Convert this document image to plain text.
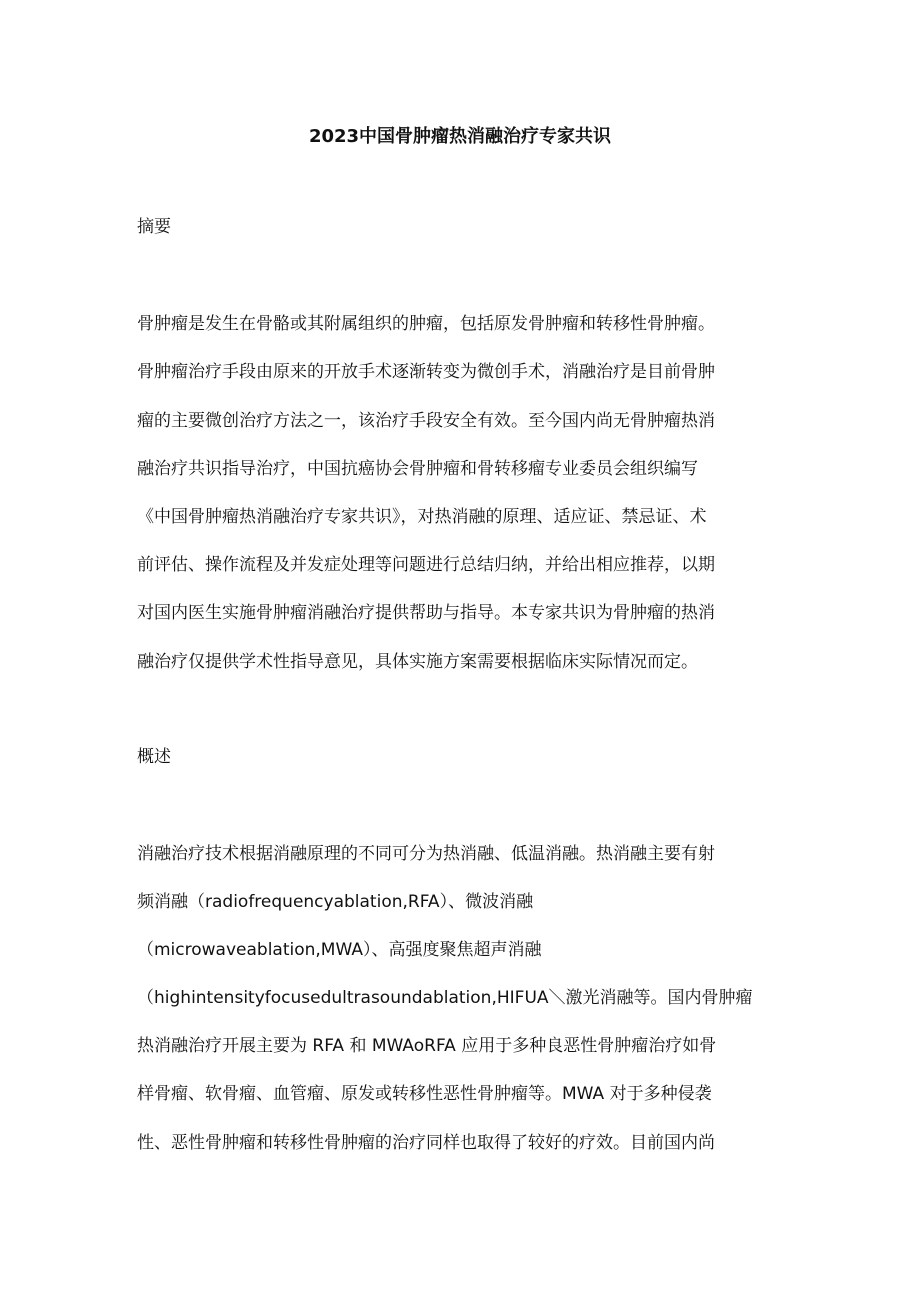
2023中国骨肿瘤热消融治疗专家共识
摘要

骨肿瘤是发生在骨骼或其附属组织的肿瘤，包括原发骨肿瘤和转移性骨肿瘤。

骨肿瘤治疗手段由原来的开放手术逐渐转变为微创手术，消融治疗是目前骨肿

瘤的主要微创治疗方法之一，该治疗手段安全有效。至今国内尚无骨肿瘤热消

融治疗共识指导治疗，中国抗癌协会骨肿瘤和骨转移瘤专业委员会组织编写

《中国骨肿瘤热消融治疗专家共识》，对热消融的原理、适应证、禁忌证、术

前评估、操作流程及并发症处理等问题进行总结归纳，并给出相应推荐，以期

对国内医生实施骨肿瘤消融治疗提供帮助与指导。本专家共识为骨肿瘤的热消

融治疗仅提供学术性指导意见，具体实施方案需要根据临床实际情况而定。

概述

消融治疗技术根据消融原理的不同可分为热消融、低温消融。热消融主要有射

频消融（radiofrequencyablation,RFA）、微波消融

（microwaveablation,MWA）、高强度聚焦超声消融

（highintensityfocusedultrasoundablation,HIFUA＼激光消融等。国内骨肿瘤

热消融治疗开展主要为 RFA 和 MWAoRFA 应用于多种良恶性骨肿瘤治疗如骨

样骨瘤、软骨瘤、血管瘤、原发或转移性恶性骨肿瘤等。MWA 对于多种侵袭

性、恶性骨肿瘤和转移性骨肿瘤的治疗同样也取得了较好的疗效。目前国内尚
